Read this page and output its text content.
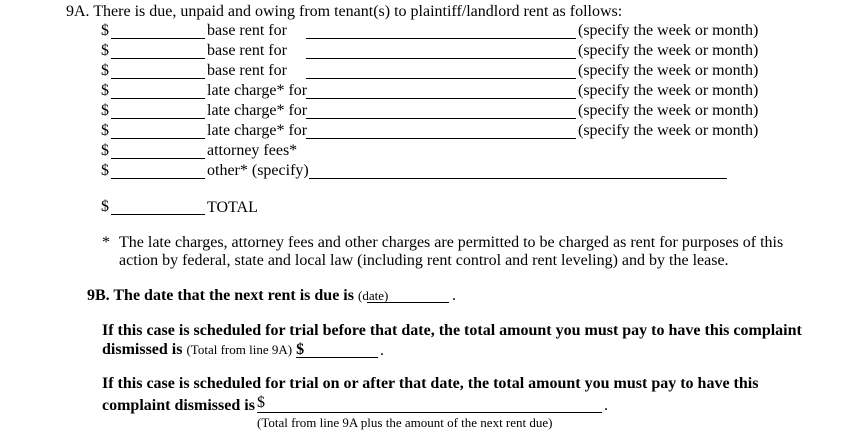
9A. There is due, unpaid and owing from tenant(s) to plaintiff/landlord rent as follows:
$	base rent for	(specify the week or month)
$	base rent for	(specify the week or month)
$	base rent for	(specify the week or month)
$	late charge* for	(specify the week or month)
$	late charge* for	(specify the week or month)
$	late charge* for	(specify the week or month)
$	attorney fees*
$	other* (specify)
$	TOTAL
* The late charges, attorney fees and other charges are permitted to be charged as rent for purposes of this
action by federal, state and local law (including rent control and rent leveling) and by the lease.
9B. The date that the next rent is due is (date)	.
If this case is scheduled for trial before that date, the total amount you must pay to have this complaint
dismissed is (Total from line 9A) $	.
If this case is scheduled for trial on or after that date, the total amount you must pay to have this
complaint dismissed is $	.
(Total from line 9A plus the amount of the next rent due)
